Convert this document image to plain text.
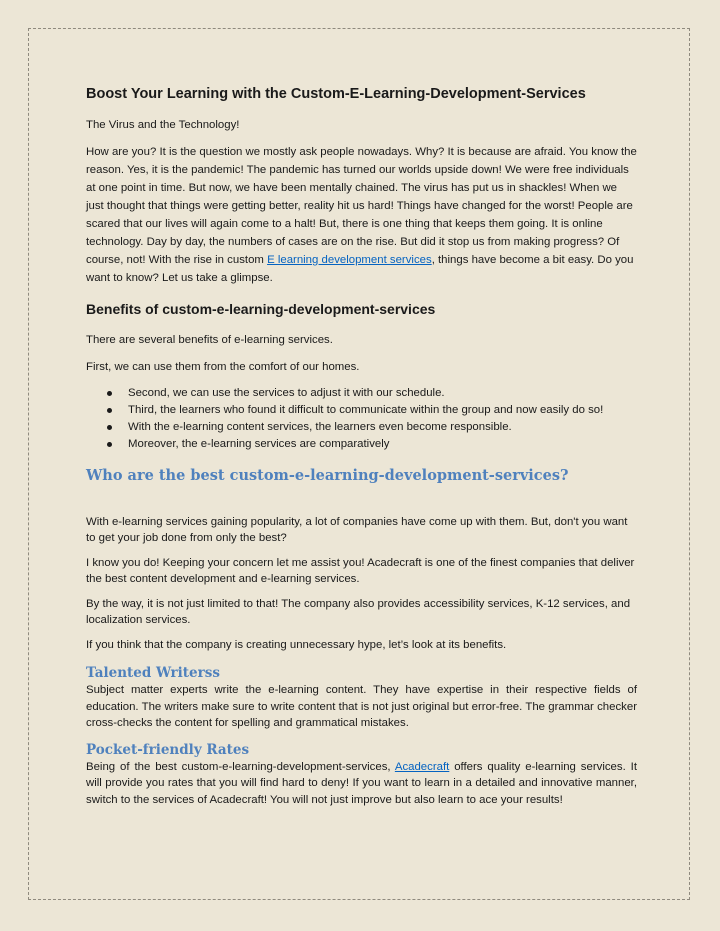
Boost Your Learning with the Custom-E-Learning-Development-Services

The Virus and the Technology!

How are you? It is the question we mostly ask people nowadays. Why? It is because are afraid. You know the reason. Yes, it is the pandemic! The pandemic has turned our worlds upside down! We were free individuals at one point in time. But now, we have been mentally chained. The virus has put us in shackles! When we just thought that things were getting better, reality hit us hard! Things have changed for the worst! People are scared that our lives will again come to a halt! But, there is one thing that keeps them going. It is online technology. Day by day, the numbers of cases are on the rise. But did it stop us from making progress? Of course, not! With the rise in custom E learning development services, things have become a bit easy. Do you want to know? Let us take a glimpse.

Benefits of custom-e-learning-development-services

There are several benefits of e-learning services.

First, we can use them from the comfort of our homes.

Second, we can use the services to adjust it with our schedule.
Third, the learners who found it difficult to communicate within the group and now easily do so!
With the e-learning content services, the learners even become responsible.
Moreover, the e-learning services are comparatively
Who are the best custom-e-learning-development-services?

With e-learning services gaining popularity, a lot of companies have come up with them. But, don't you want to get your job done from only the best?

I know you do! Keeping your concern let me assist you! Acadecraft is one of the finest companies that deliver the best content development and e-learning services.

By the way, it is not just limited to that! The company also provides accessibility services, K-12 services, and localization services.

If you think that the company is creating unnecessary hype, let’s look at its benefits.

Talented Writerss

Subject matter experts write the e-learning content. They have expertise in their respective fields of education. The writers make sure to write content that is not just original but error-free. The grammar checker cross-checks the content for spelling and grammatical mistakes.

Pocket-friendly Rates

Being of the best custom-e-learning-development-services, Acadecraft offers quality e-learning services. It will provide you rates that you will find hard to deny! If you want to learn in a detailed and innovative manner, switch to the services of Acadecraft! You will not just improve but also learn to ace your results!
